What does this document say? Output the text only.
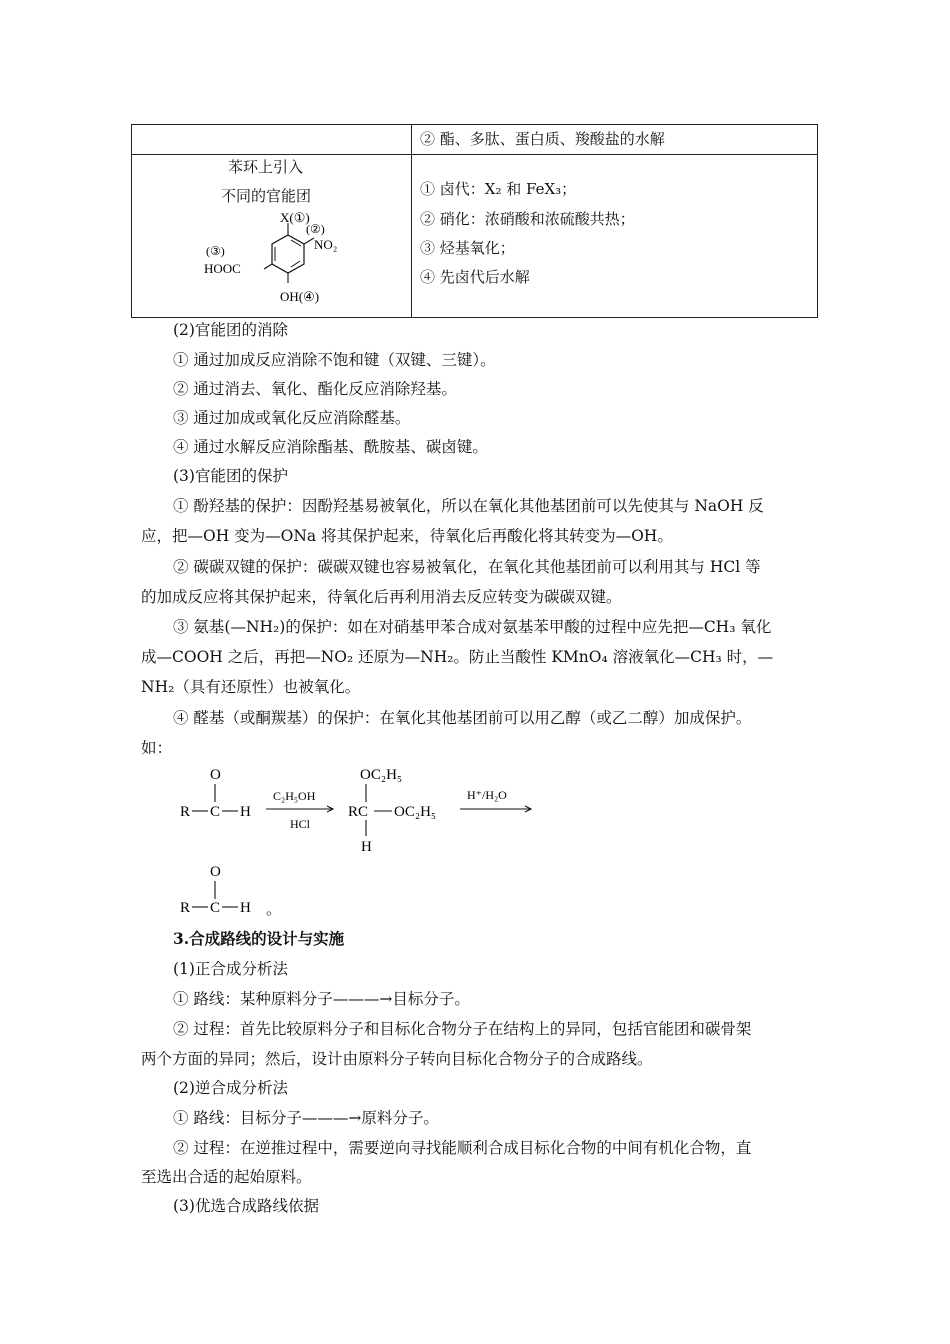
② 酯、多肽、蛋白质、羧酸盐的水解
苯环上引入
不同的官能团
X(①)
(②)
NO₂
(③)
HOOC
OH(④)
① 卤代：X₂ 和 FeX₃；
② 硝化：浓硝酸和浓硫酸共热；
③ 烃基氧化；
④ 先卤代后水解
(2)官能团的消除
① 通过加成反应消除不饱和键（双键、三键）。
② 通过消去、氧化、酯化反应消除羟基。
③ 通过加成或氧化反应消除醛基。
④ 通过水解反应消除酯基、酰胺基、碳卤键。
(3)官能团的保护
① 酚羟基的保护：因酚羟基易被氧化，所以在氧化其他基团前可以先使其与 NaOH 反
应，把—OH 变为—ONa 将其保护起来，待氧化后再酸化将其转变为—OH。
② 碳碳双键的保护：碳碳双键也容易被氧化，在氧化其他基团前可以利用其与 HCl 等
的加成反应将其保护起来，待氧化后再利用消去反应转变为碳碳双键。
③ 氨基(—NH₂)的保护：如在对硝基甲苯合成对氨基苯甲酸的过程中应先把—CH₃ 氧化
成—COOH 之后，再把—NO₂ 还原为—NH₂。防止当酸性 KMnO₄ 溶液氧化—CH₃ 时，—
NH₂（具有还原性）也被氧化。
④ 醛基（或酮羰基）的保护：在氧化其他基团前可以用乙醇（或乙二醇）加成保护。
如：
O
R C H
C₂H₅OH
HCl
OC₂H₅
RC OC₂H₅
H
H⁺/H₂O
O
R C H 。
3.合成路线的设计与实施
(1)正合成分析法
① 路线：某种原料分子———→目标分子。
② 过程：首先比较原料分子和目标化合物分子在结构上的异同，包括官能团和碳骨架
两个方面的异同；然后，设计由原料分子转向目标化合物分子的合成路线。
(2)逆合成分析法
① 路线：目标分子———→原料分子。
② 过程：在逆推过程中，需要逆向寻找能顺利合成目标化合物的中间有机化合物，直
至选出合适的起始原料。
(3)优选合成路线依据
